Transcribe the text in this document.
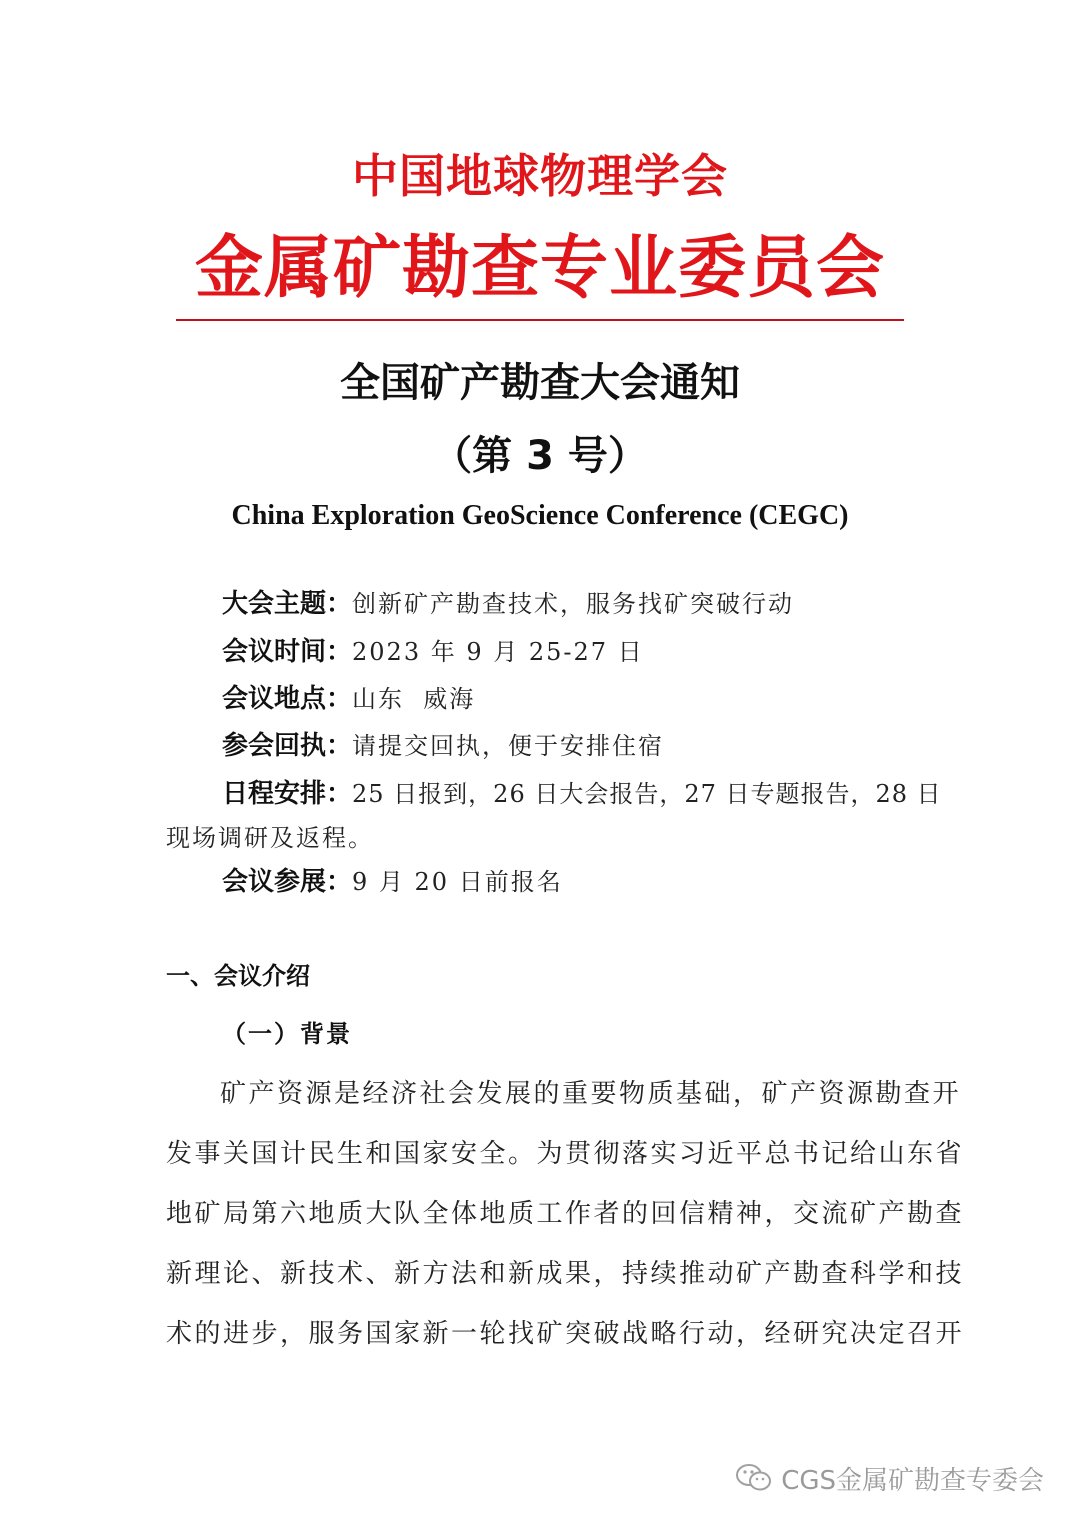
中国地球物理学会
金属矿勘查专业委员会
全国矿产勘查大会通知
（第 3 号）
China Exploration GeoScience Conference (CEGC)
大会主题：创新矿产勘查技术，服务找矿突破行动
会议时间：2023 年 9 月 25-27 日
会议地点：山东  威海
参会回执：请提交回执，便于安排住宿
日程安排：25 日报到，26 日大会报告，27 日专题报告，28 日
现场调研及返程。
会议参展：9 月 20 日前报名
一、会议介绍
（一）背景
矿产资源是经济社会发展的重要物质基础，矿产资源勘查开
发事关国计民生和国家安全。为贯彻落实习近平总书记给山东省
地矿局第六地质大队全体地质工作者的回信精神，交流矿产勘查
新理论、新技术、新方法和新成果，持续推动矿产勘查科学和技
术的进步，服务国家新一轮找矿突破战略行动，经研究决定召开
CGS金属矿勘查专委会
